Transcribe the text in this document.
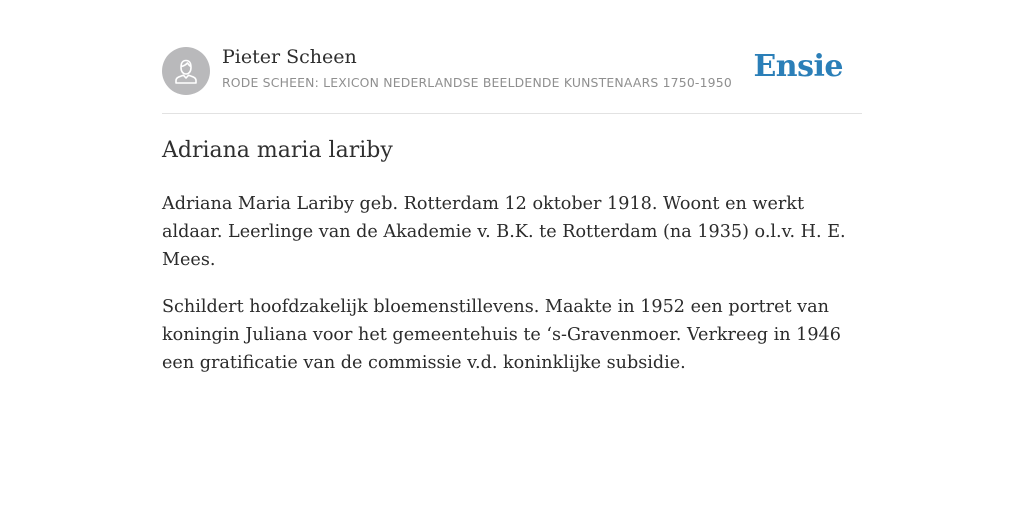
Pieter Scheen
RODE SCHEEN: LEXICON NEDERLANDSE BEELDENDE KUNSTENAARS 1750-1950 Ensie
Adriana maria lariby

Adriana Maria Lariby geb. Rotterdam 12 oktober 1918. Woont en werkt aldaar. Leerlinge van de Akademie v. B.K. te Rotterdam (na 1935) o.l.v. H. E. Mees.

Schildert hoofdzakelijk bloemenstillevens. Maakte in 1952 een portret van koningin Juliana voor het gemeentehuis te ‘s-Gravenmoer. Verkreeg in 1946 een gratificatie van de commissie v.d. koninklijke subsidie.
